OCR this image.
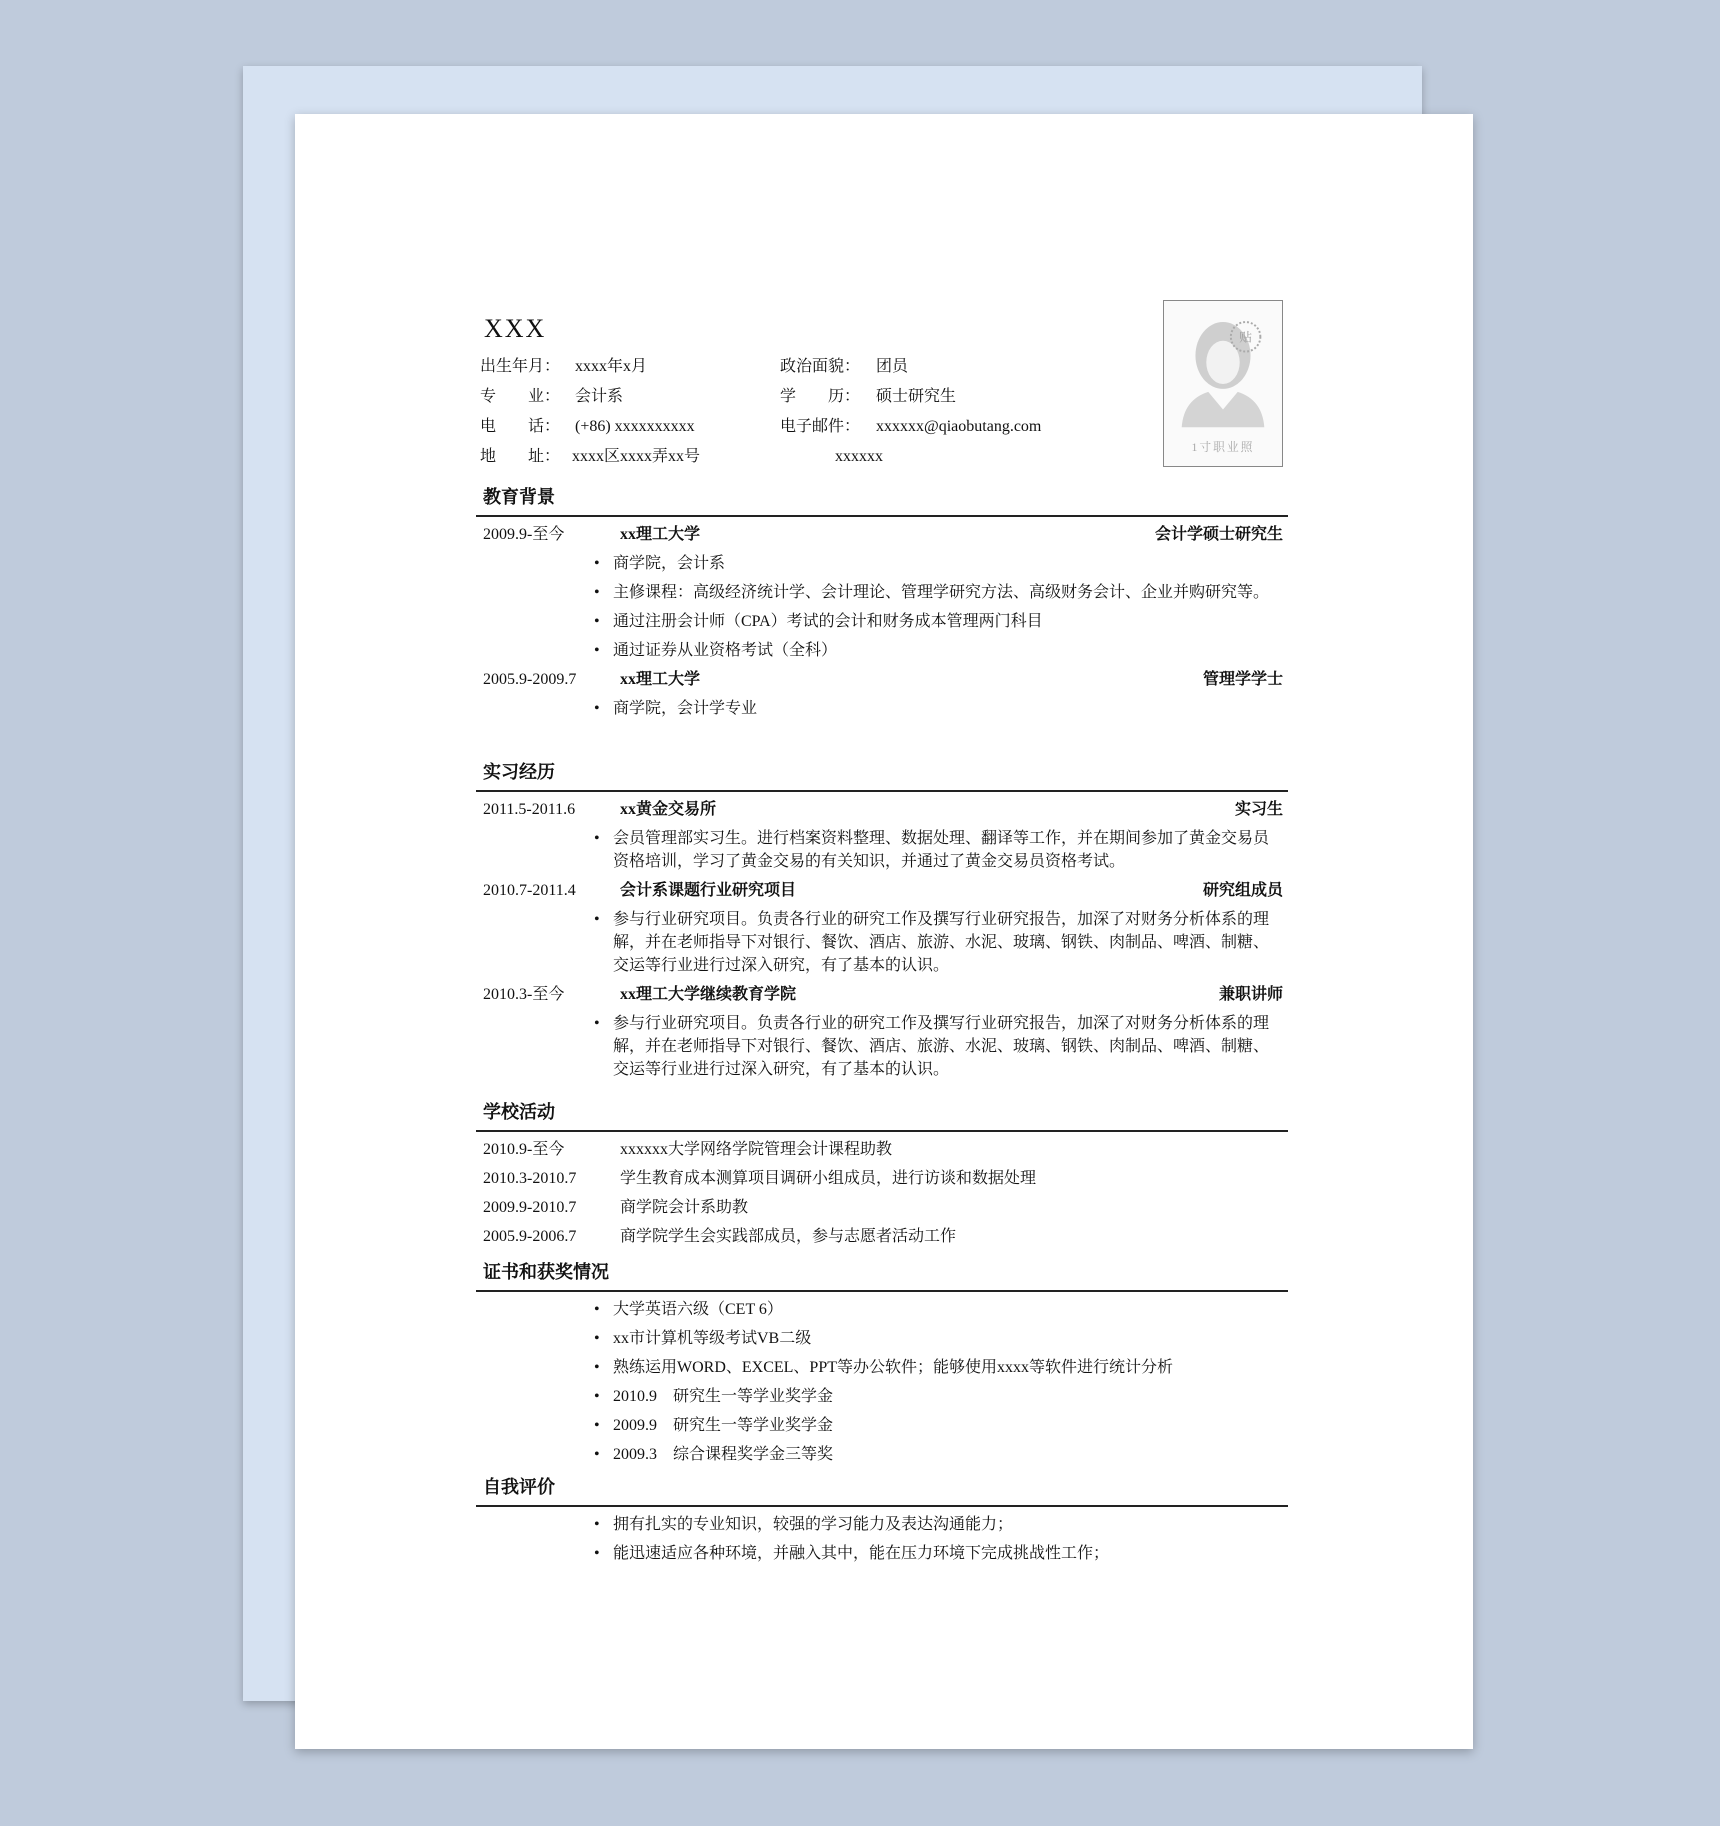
XXX
出生年月： xxxx年x月	政治面貌： 团员
专　　业： 会计系	学　　历： 硕士研究生
电　　话： (+86) xxxxxxxxxx	电子邮件： xxxxxx@qiaobutang.com
地　　址： xxxx区xxxx弄xx号	xxxxxx
贴
1寸职业照
教育背景
2009.9-至今	xx理工大学	会计学硕士研究生
• 商学院，会计系
• 主修课程：高级经济统计学、会计理论、管理学研究方法、高级财务会计、企业并购研究等。
• 通过注册会计师（CPA）考试的会计和财务成本管理两门科目
• 通过证券从业资格考试（全科）
2005.9-2009.7	xx理工大学	管理学学士
• 商学院，会计学专业
实习经历
2011.5-2011.6	xx黄金交易所	实习生
• 会员管理部实习生。进行档案资料整理、数据处理、翻译等工作，并在期间参加了黄金交易员资格培训，学习了黄金交易的有关知识，并通过了黄金交易员资格考试。
2010.7-2011.4	会计系课题行业研究项目	研究组成员
• 参与行业研究项目。负责各行业的研究工作及撰写行业研究报告，加深了对财务分析体系的理解，并在老师指导下对银行、餐饮、酒店、旅游、水泥、玻璃、钢铁、肉制品、啤酒、制糖、交运等行业进行过深入研究，有了基本的认识。
2010.3-至今	xx理工大学继续教育学院	兼职讲师
• 参与行业研究项目。负责各行业的研究工作及撰写行业研究报告，加深了对财务分析体系的理解，并在老师指导下对银行、餐饮、酒店、旅游、水泥、玻璃、钢铁、肉制品、啤酒、制糖、交运等行业进行过深入研究，有了基本的认识。
学校活动
2010.9-至今	xxxxxx大学网络学院管理会计课程助教
2010.3-2010.7	学生教育成本测算项目调研小组成员，进行访谈和数据处理
2009.9-2010.7	商学院会计系助教
2005.9-2006.7	商学院学生会实践部成员，参与志愿者活动工作
证书和获奖情况
• 大学英语六级（CET 6）
• xx市计算机等级考试VB二级
• 熟练运用WORD、EXCEL、PPT等办公软件；能够使用xxxx等软件进行统计分析
• 2010.9　研究生一等学业奖学金
• 2009.9　研究生一等学业奖学金
• 2009.3　综合课程奖学金三等奖
自我评价
• 拥有扎实的专业知识，较强的学习能力及表达沟通能力；
• 能迅速适应各种环境，并融入其中，能在压力环境下完成挑战性工作；
